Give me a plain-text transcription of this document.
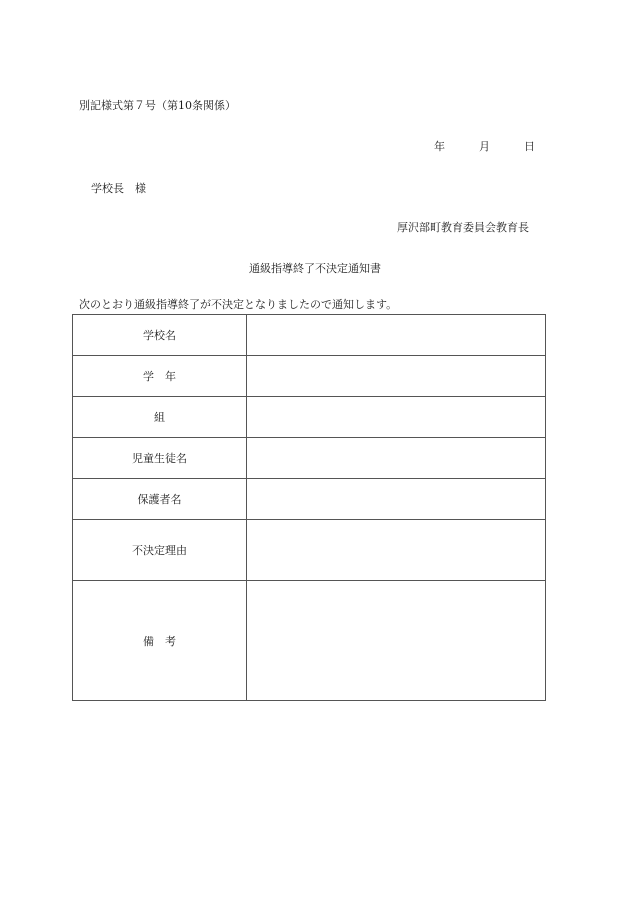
別記様式第７号（第10条関係）
年	月	日
学校長　様
厚沢部町教育委員会教育長
通級指導終了不決定通知書
次のとおり通級指導終了が不決定となりましたので通知します。
学校名	
学　年	
組	
児童生徒名	
保護者名	
不決定理由	
備　考	
